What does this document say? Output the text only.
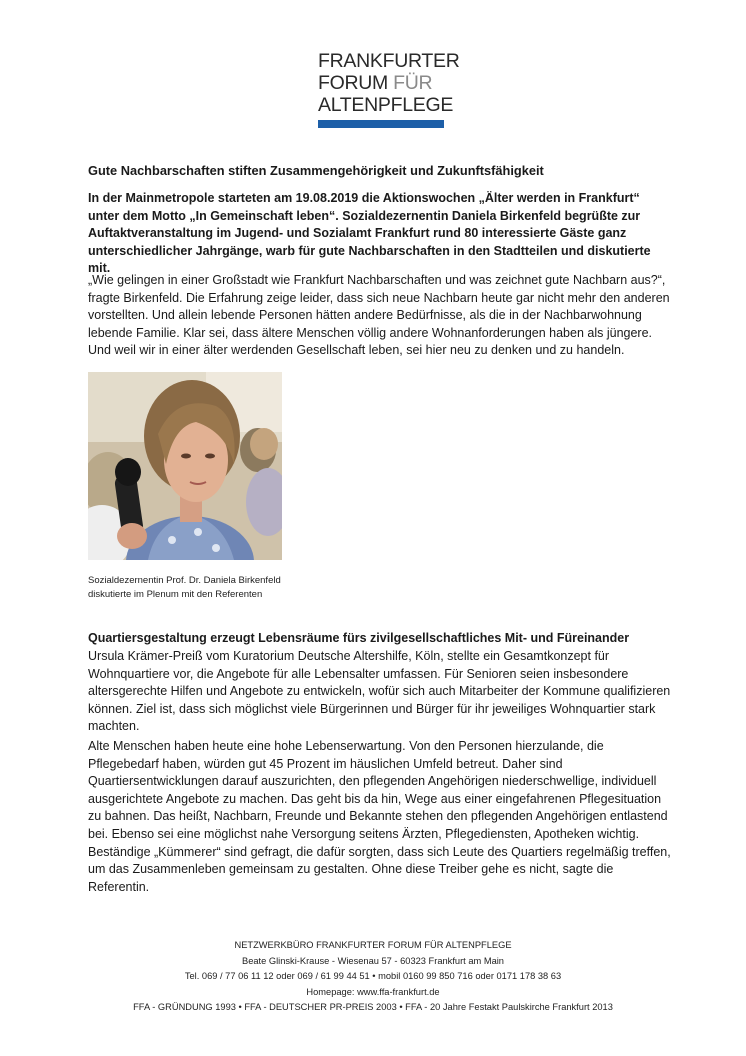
FRANKFURTER
FORUM FÜR
ALTENPFLEGE
Gute Nachbarschaften stiften Zusammengehörigkeit und Zukunftsfähigkeit
In der Mainmetropole starteten am 19.08.2019 die Aktionswochen „Älter werden in Frankfurt“ unter dem Motto „In Gemeinschaft leben“. Sozialdezernentin Daniela Birkenfeld begrüßte zur Auftaktveranstaltung im Jugend- und Sozialamt Frankfurt rund 80 interessierte Gäste ganz unterschiedlicher Jahrgänge, warb für gute Nachbarschaften in den Stadtteilen und diskutierte mit.
„Wie gelingen in einer Großstadt wie Frankfurt Nachbarschaften und was zeichnet gute Nachbarn aus?“, fragte Birkenfeld. Die Erfahrung zeige leider, dass sich neue Nachbarn heute gar nicht mehr den anderen vorstellten. Und allein lebende Personen hätten andere Bedürfnisse, als die in der Nachbarwohnung lebende Familie. Klar sei, dass ältere Menschen völlig andere Wohnanforderungen haben als jüngere. Und weil wir in einer älter werdenden Gesellschaft leben, sei hier neu zu denken und zu handeln.
Sozialdezernentin Prof. Dr. Daniela Birkenfeld
diskutierte im Plenum mit den Referenten
Quartiersgestaltung erzeugt Lebensräume fürs zivilgesellschaftliches Mit- und Füreinander
Ursula Krämer-Preiß vom Kuratorium Deutsche Altershilfe, Köln, stellte ein Gesamtkonzept für Wohnquartiere vor, die Angebote für alle Lebensalter umfassen. Für Senioren seien insbesondere altersgerechte Hilfen und Angebote zu entwickeln, wofür sich auch Mitarbeiter der Kommune qualifizieren können. Ziel ist, dass sich möglichst viele Bürgerinnen und Bürger für ihr jeweiliges Wohnquartier stark machten.
Alte Menschen haben heute eine hohe Lebenserwartung. Von den Personen hierzulande, die Pflegebedarf haben, würden gut 45 Prozent im häuslichen Umfeld betreut. Daher sind Quartiersentwicklungen darauf auszurichten, den pflegenden Angehörigen niederschwellige, individuell ausgerichtete Angebote zu machen. Das geht bis da hin, Wege aus einer eingefahrenen Pflegesituation zu bahnen. Das heißt, Nachbarn, Freunde und Bekannte stehen den pflegenden Angehörigen entlastend bei. Ebenso sei eine möglichst nahe Versorgung seitens Ärzten, Pflegediensten, Apotheken wichtig. Beständige „Kümmerer“ sind gefragt, die dafür sorgten, dass sich Leute des Quartiers regelmäßig treffen, um das Zusammenleben gemeinsam zu gestalten. Ohne diese Treiber gehe es nicht, sagte die Referentin.
NETZWERKBÜRO FRANKFURTER FORUM FÜR ALTENPFLEGE
Beate Glinski-Krause - Wiesenau 57 - 60323 Frankfurt am Main
Tel. 069 / 77 06 11 12 oder 069 / 61 99 44 51 • mobil 0160 99 850 716 oder 0171 178 38 63
Homepage: www.ffa-frankfurt.de
FFA - GRÜNDUNG 1993 • FFA - DEUTSCHER PR-PREIS 2003 • FFA - 20 Jahre Festakt Paulskirche Frankfurt 2013
